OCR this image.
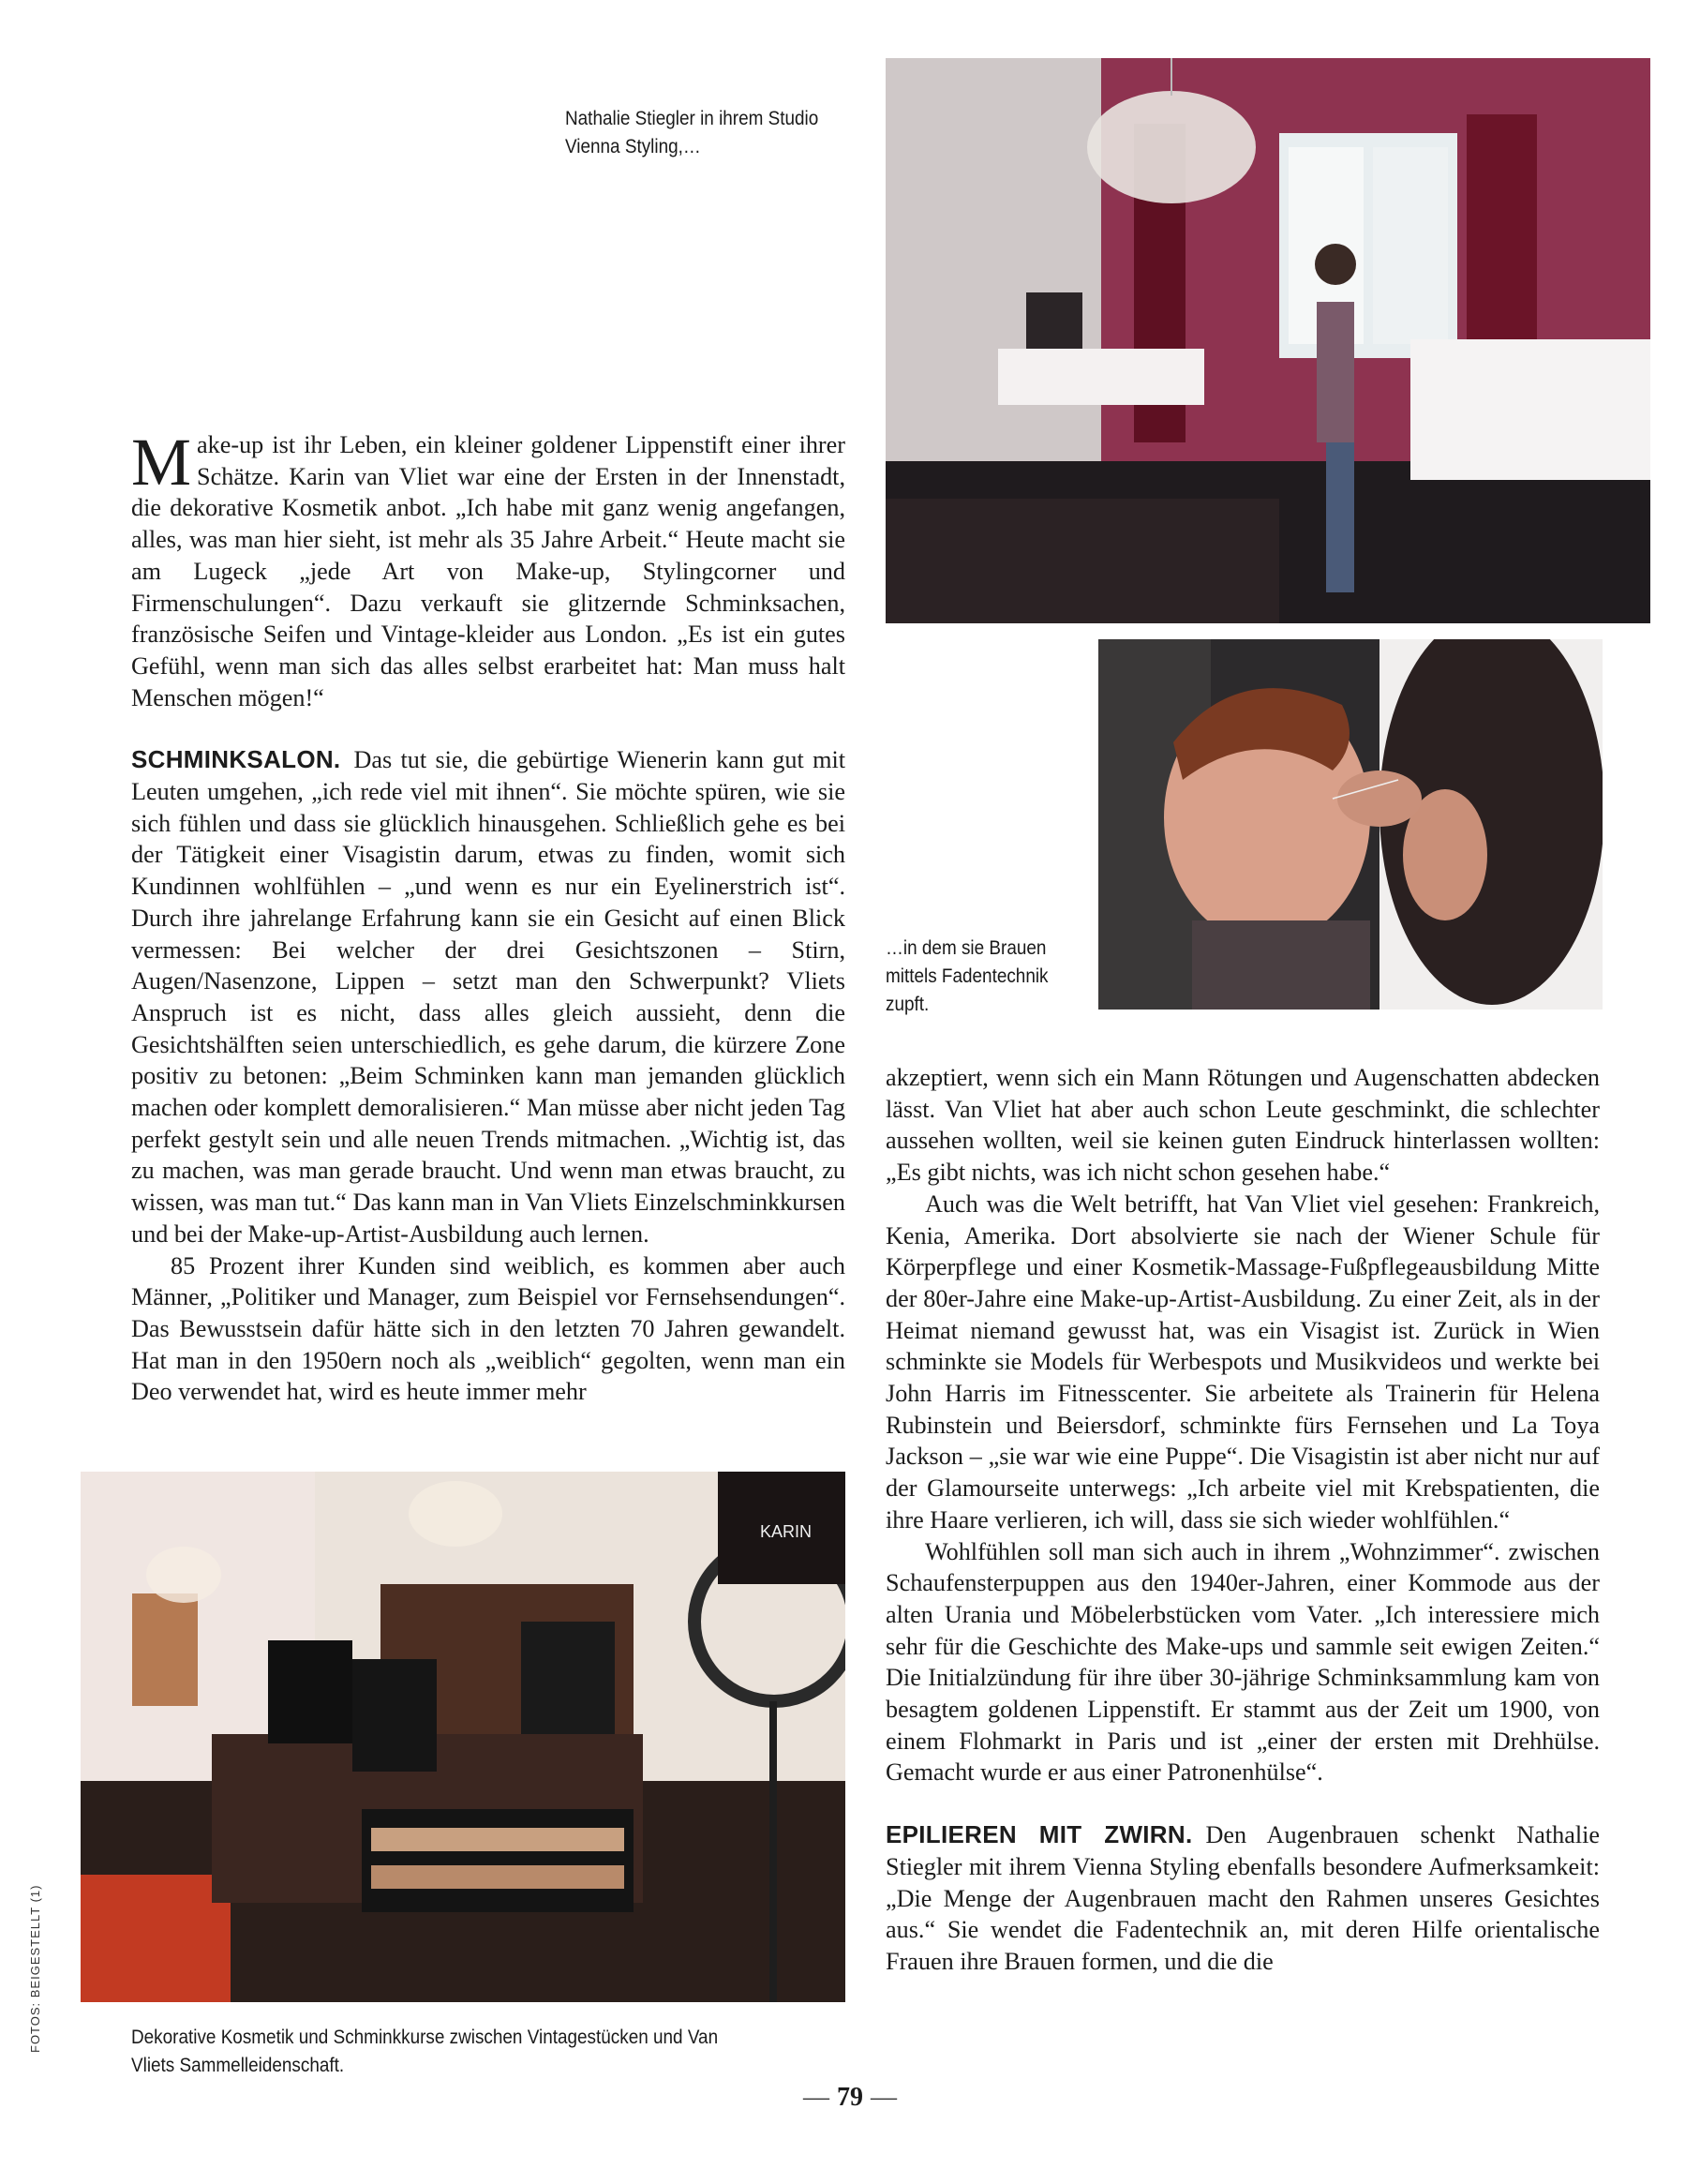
Nathalie Stiegler in ihrem Studio Vienna Styling,…
…in dem sie Brauen mittels Fadentechnik zupft.
KARIN
Dekorative Kosmetik und Schminkkurse zwischen Vintagestücken und Van Vliets Sammelleidenschaft.

Make-up ist ihr Leben, ein kleiner goldener Lippenstift einer ihrer Schätze. Karin van Vliet war eine der Ersten in der Innenstadt, die dekorative Kosmetik anbot. „Ich habe mit ganz wenig angefangen, alles, was man hier sieht, ist mehr als 35 Jahre Arbeit.“ Heute macht sie am Lugeck „jede Art von Make-up, Stylingcorner und Firmenschulungen“. Dazu verkauft sie glitzernde Schminksachen, französische Seifen und Vintage-kleider aus London. „Es ist ein gutes Gefühl, wenn man sich das alles selbst erarbeitet hat: Man muss halt Menschen mögen!“

SCHMINKSALON. Das tut sie, die gebürtige Wienerin kann gut mit Leuten umgehen, „ich rede viel mit ihnen“. Sie möchte spüren, wie sie sich fühlen und dass sie glücklich hinausgehen. Schließlich gehe es bei der Tätigkeit einer Visagistin darum, etwas zu finden, womit sich Kundinnen wohlfühlen – „und wenn es nur ein Eyelinerstrich ist“. Durch ihre jahrelange Erfahrung kann sie ein Gesicht auf einen Blick vermessen: Bei welcher der drei Gesichtszonen – Stirn, Augen/Nasenzone, Lippen – setzt man den Schwerpunkt? Vliets Anspruch ist es nicht, dass alles gleich aussieht, denn die Gesichtshälften seien unterschiedlich, es gehe darum, die kürzere Zone positiv zu betonen: „Beim Schminken kann man jemanden glücklich machen oder komplett demoralisieren.“ Man müsse aber nicht jeden Tag perfekt gestylt sein und alle neuen Trends mitmachen. „Wichtig ist, das zu machen, was man gerade braucht. Und wenn man etwas braucht, zu wissen, was man tut.“ Das kann man in Van Vliets Einzelschminkkursen und bei der Make-up-Artist-Ausbildung auch lernen.

85 Prozent ihrer Kunden sind weiblich, es kommen aber auch Männer, „Politiker und Manager, zum Beispiel vor Fernsehsendungen“. Das Bewusstsein dafür hätte sich in den letzten 70 Jahren gewandelt. Hat man in den 1950ern noch als „weiblich“ gegolten, wenn man ein Deo verwendet hat, wird es heute immer mehr

akzeptiert, wenn sich ein Mann Rötungen und Augenschatten abdecken lässt. Van Vliet hat aber auch schon Leute geschminkt, die schlechter aussehen wollten, weil sie keinen guten Eindruck hinterlassen wollten: „Es gibt nichts, was ich nicht schon gesehen habe.“

Auch was die Welt betrifft, hat Van Vliet viel gesehen: Frankreich, Kenia, Amerika. Dort absolvierte sie nach der Wiener Schule für Körperpflege und einer Kosmetik-Massage-Fußpflegeausbildung Mitte der 80er-Jahre eine Make-up-Artist-Ausbildung. Zu einer Zeit, als in der Heimat niemand gewusst hat, was ein Visagist ist. Zurück in Wien schminkte sie Models für Werbespots und Musikvideos und werkte bei John Harris im Fitnesscenter. Sie arbeitete als Trainerin für Helena Rubinstein und Beiersdorf, schminkte fürs Fernsehen und La Toya Jackson – „sie war wie eine Puppe“. Die Visagistin ist aber nicht nur auf der Glamourseite unterwegs: „Ich arbeite viel mit Krebspatienten, die ihre Haare verlieren, ich will, dass sie sich wieder wohlfühlen.“

Wohlfühlen soll man sich auch in ihrem „Wohnzimmer“. zwischen Schaufensterpuppen aus den 1940er-Jahren, einer Kommode aus der alten Urania und Möbelerbstücken vom Vater. „Ich interessiere mich sehr für die Geschichte des Make-ups und sammle seit ewigen Zeiten.“ Die Initialzündung für ihre über 30-jährige Schminksammlung kam von besagtem goldenen Lippenstift. Er stammt aus der Zeit um 1900, von einem Flohmarkt in Paris und ist „einer der ersten mit Drehhülse. Gemacht wurde er aus einer Patronenhülse“.

EPILIEREN MIT ZWIRN. Den Augenbrauen schenkt Nathalie Stiegler mit ihrem Vienna Styling ebenfalls besondere Aufmerksamkeit: „Die Menge der Augenbrauen macht den Rahmen unseres Gesichtes aus.“ Sie wendet die Fadentechnik an, mit deren Hilfe orientalische Frauen ihre Brauen formen, und die die

FOTOS: BEIGESTELLT (1)
— 79 —
